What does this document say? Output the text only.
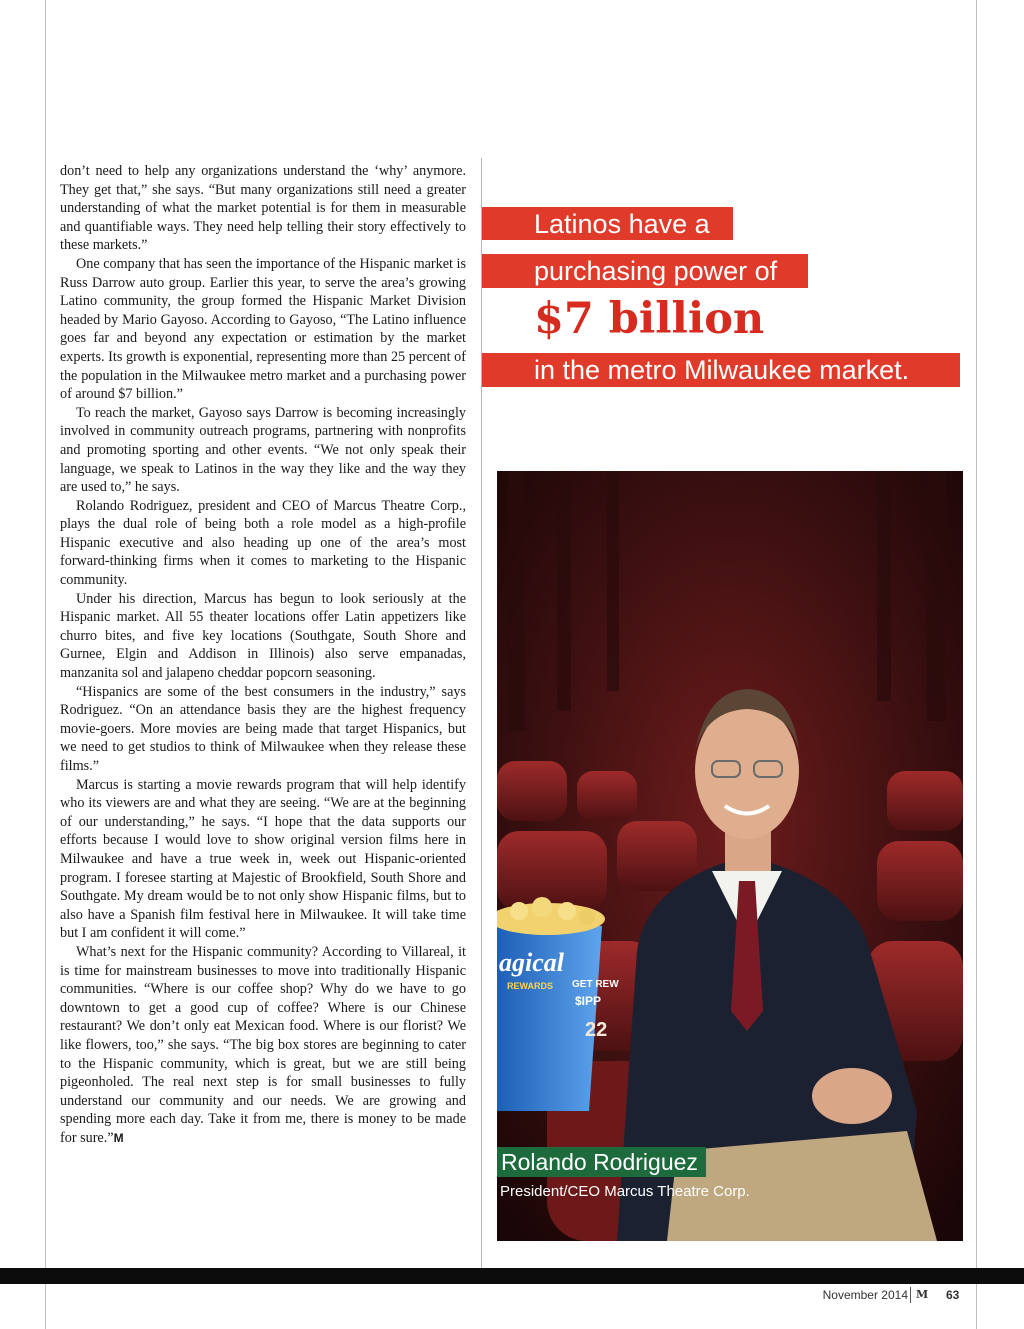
don’t need to help any organizations understand the ‘why’ anymore. They get that,” she says. “But many organizations still need a greater understanding of what the market potential is for them in measurable and quantifiable ways. They need help telling their story effectively to these markets.”

One company that has seen the importance of the Hispanic market is Russ Darrow auto group. Earlier this year, to serve the area’s growing Latino community, the group formed the Hispanic Market Division headed by Mario Gayoso. According to Gayoso, “The Latino influence goes far and beyond any expectation or estimation by the market experts. Its growth is exponential, representing more than 25 percent of the population in the Milwaukee metro market and a purchasing power of around $7 billion.”

To reach the market, Gayoso says Darrow is becoming increasingly involved in community outreach programs, partnering with nonprofits and promoting sporting and other events. “We not only speak their language, we speak to Latinos in the way they like and the way they are used to,” he says.

Rolando Rodriguez, president and CEO of Marcus Theatre Corp., plays the dual role of being both a role model as a high-profile Hispanic executive and also heading up one of the area’s most forward-thinking firms when it comes to marketing to the Hispanic community.

Under his direction, Marcus has begun to look seriously at the Hispanic market. All 55 theater locations offer Latin appetizers like churro bites, and five key locations (Southgate, South Shore and Gurnee, Elgin and Addison in Illinois) also serve empanadas, manzanita sol and jalapeno cheddar popcorn seasoning.

“Hispanics are some of the best consumers in the industry,” says Rodriguez. “On an attendance basis they are the highest frequency movie-goers. More movies are being made that target Hispanics, but we need to get studios to think of Milwaukee when they release these films.”

Marcus is starting a movie rewards program that will help identify who its viewers are and what they are seeing. “We are at the beginning of our understanding,” he says. “I hope that the data supports our efforts because I would love to show original version films here in Milwaukee and have a true week in, week out Hispanic-oriented program. I foresee starting at Majestic of Brookfield, South Shore and Southgate. My dream would be to not only show Hispanic films, but to also have a Spanish film festival here in Milwaukee. It will take time but I am confident it will come.”

What’s next for the Hispanic community? According to Villareal, it is time for mainstream businesses to move into traditionally Hispanic communities. “Where is our coffee shop? Why do we have to go downtown to get a good cup of coffee? Where is our Chinese restaurant? We don’t only eat Mexican food. Where is our florist? We like flowers, too,” she says. “The big box stores are beginning to cater to the Hispanic community, which is great, but we are still being pigeonholed. The real next step is for small businesses to fully understand our community and our needs. We are growing and spending more each day. Take it from me, there is money to be made for sure.”M

Latinos have a
purchasing power of
$7 billion
in the metro Milwaukee market.
agical
REWARDS GET REW
$IPP
22
Rolando Rodriguez
President/CEO Marcus Theatre Corp.
November 2014 M 63
